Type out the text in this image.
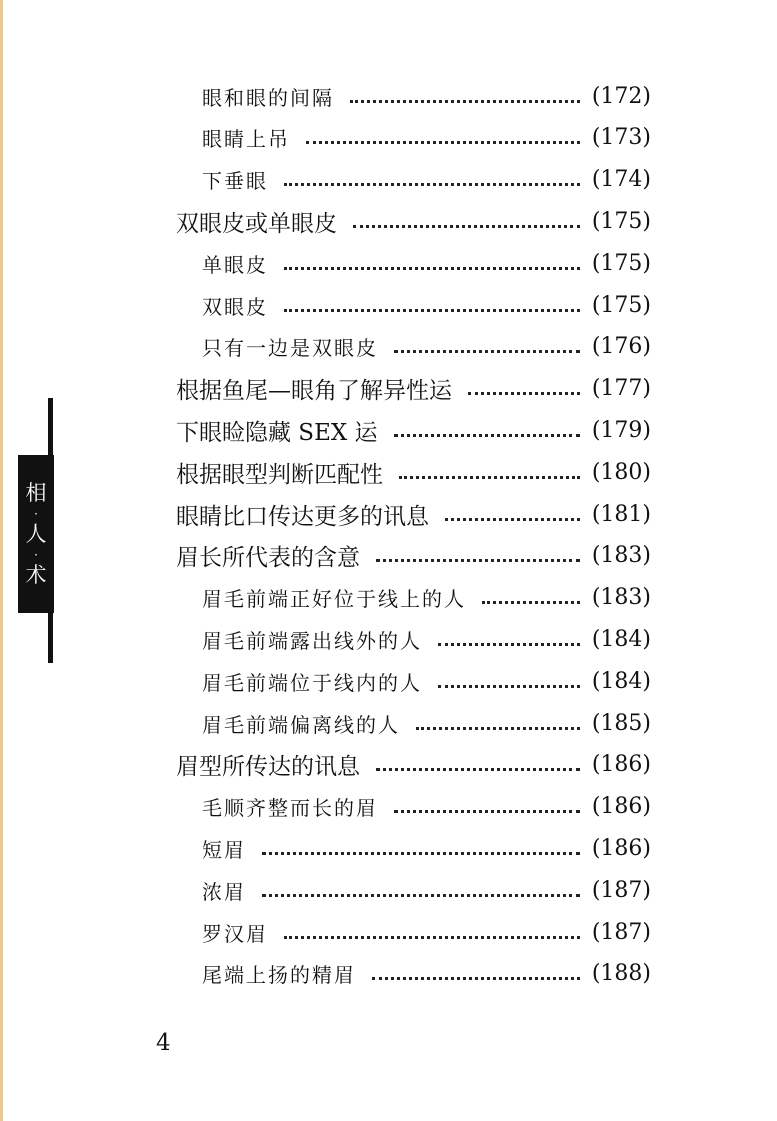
相
·
人
·
术
眼和眼的间隔	(172)
眼睛上吊	(173)
下垂眼	(174)
双眼皮或单眼皮	(175)
单眼皮	(175)
双眼皮	(175)
只有一边是双眼皮	(176)
根据鱼尾—眼角了解异性运	(177)
下眼睑隐藏 SEX 运	(179)
根据眼型判断匹配性	(180)
眼睛比口传达更多的讯息	(181)
眉长所代表的含意	(183)
眉毛前端正好位于线上的人	(183)
眉毛前端露出线外的人	(184)
眉毛前端位于线内的人	(184)
眉毛前端偏离线的人	(185)
眉型所传达的讯息	(186)
毛顺齐整而长的眉	(186)
短眉	(186)
浓眉	(187)
罗汉眉	(187)
尾端上扬的精眉	(188)
4
